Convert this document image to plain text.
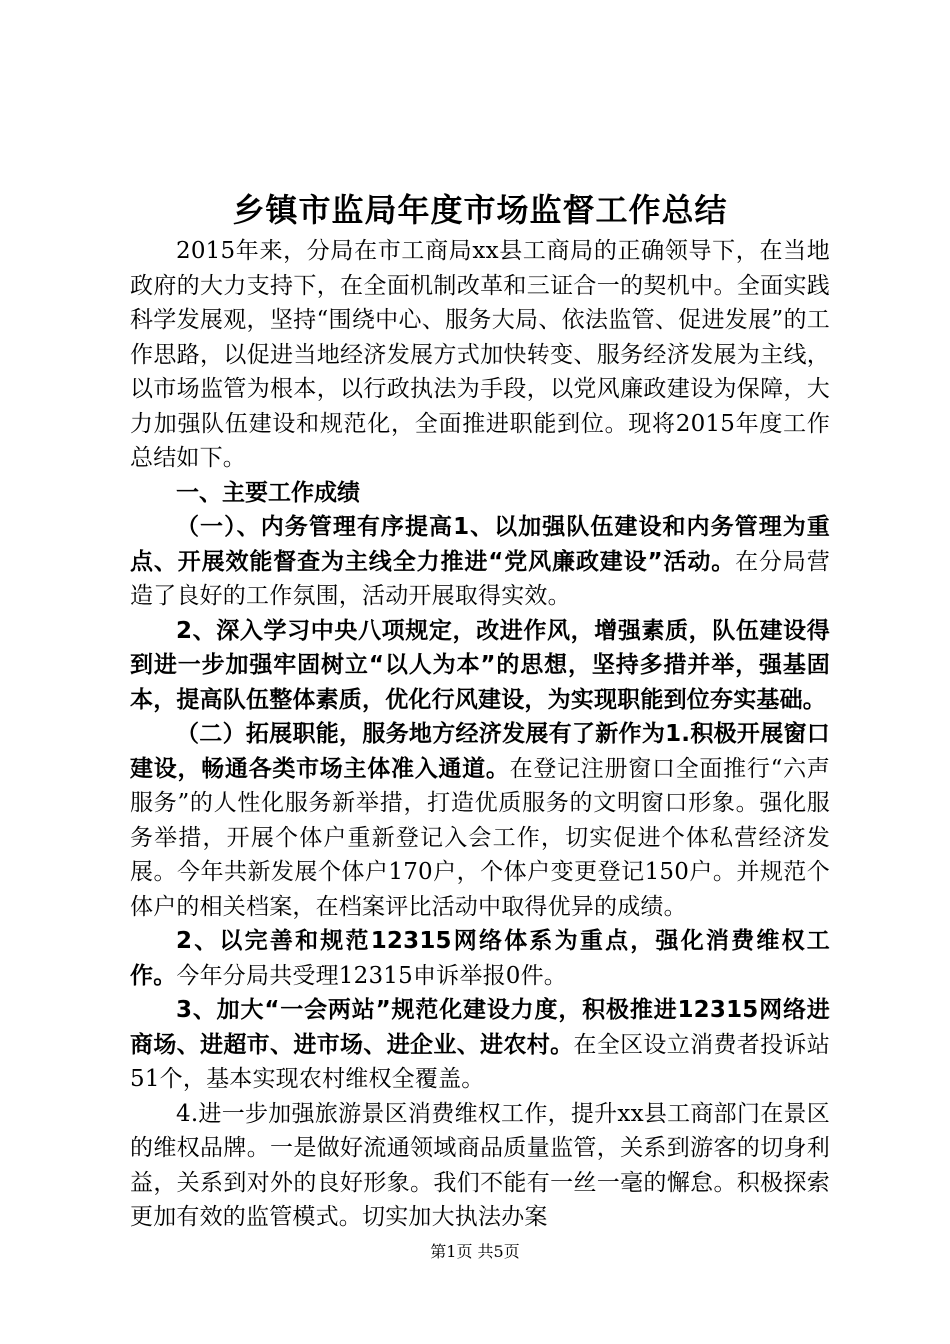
乡镇市监局年度市场监督工作总结

2015年来，分局在市工商局xx县工商局的正确领导下，在当地政府的大力支持下，在全面机制改革和三证合一的契机中。全面实践科学发展观，坚持“围绕中心、服务大局、依法监管、促进发展”的工作思路，以促进当地经济发展方式加快转变、服务经济发展为主线，以市场监管为根本，以行政执法为手段，以党风廉政建设为保障，大力加强队伍建设和规范化，全面推进职能到位。现将2015年度工作总结如下。

一、主要工作成绩

（一）、内务管理有序提高1、以加强队伍建设和内务管理为重点、开展效能督查为主线全力推进“党风廉政建设”活动。在分局营造了良好的工作氛围，活动开展取得实效。

2、深入学习中央八项规定，改进作风，增强素质，队伍建设得到进一步加强牢固树立“以人为本”的思想，坚持多措并举，强基固本，提高队伍整体素质，优化行风建设，为实现职能到位夯实基础。

（二）拓展职能，服务地方经济发展有了新作为1.积极开展窗口建设，畅通各类市场主体准入通道。在登记注册窗口全面推行“六声服务”的人性化服务新举措，打造优质服务的文明窗口形象。强化服务举措，开展个体户重新登记入会工作，切实促进个体私营经济发展。今年共新发展个体户170户，个体户变更登记150户。并规范个体户的相关档案，在档案评比活动中取得优异的成绩。

2、以完善和规范12315网络体系为重点，强化消费维权工作。今年分局共受理12315申诉举报0件。

3、加大“一会两站”规范化建设力度，积极推进12315网络进商场、进超市、进市场、进企业、进农村。在全区设立消费者投诉站51个，基本实现农村维权全覆盖。

4.进一步加强旅游景区消费维权工作，提升xx县工商部门在景区的维权品牌。一是做好流通领域商品质量监管，关系到游客的切身利益，关系到对外的良好形象。我们不能有一丝一毫的懈怠。积极探索更加有效的监管模式。切实加大执法办案

第1页 共5页
